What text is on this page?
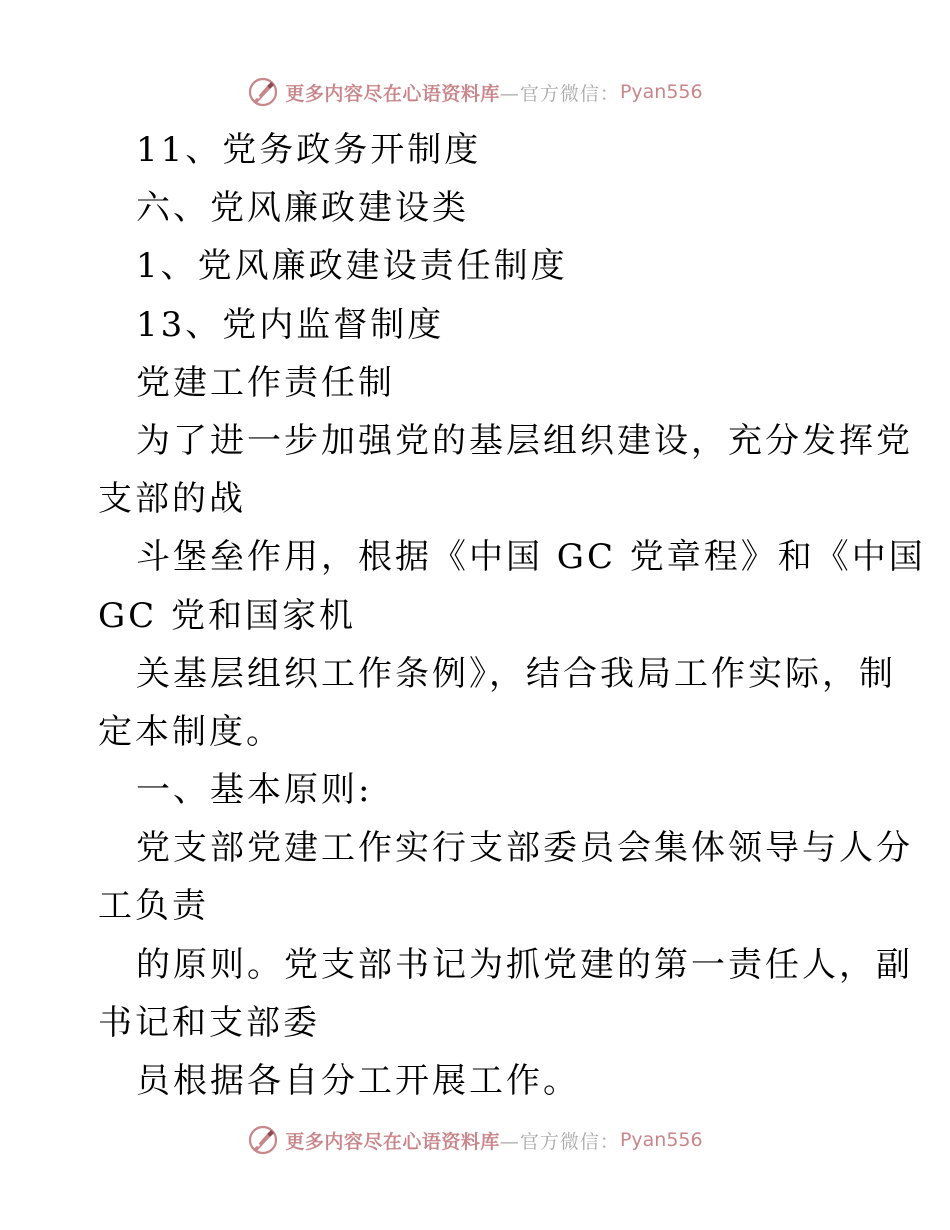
更多内容尽在心语资料库 —官方微信： Pyan556
11、党务政务开制度
六、党风廉政建设类
1、党风廉政建设责任制度
13、党内监督制度
党建工作责任制
为了进一步加强党的基层组织建设，充分发挥党
支部的战
斗堡垒作用，根据《中国 GC 党章程》和《中国
GC 党和国家机
关基层组织工作条例》，结合我局工作实际，制
定本制度。
一、基本原则:
党支部党建工作实行支部委员会集体领导与人分
工负责
的原则。党支部书记为抓党建的第一责任人，副
书记和支部委
员根据各自分工开展工作。
更多内容尽在心语资料库 —官方微信： Pyan556
